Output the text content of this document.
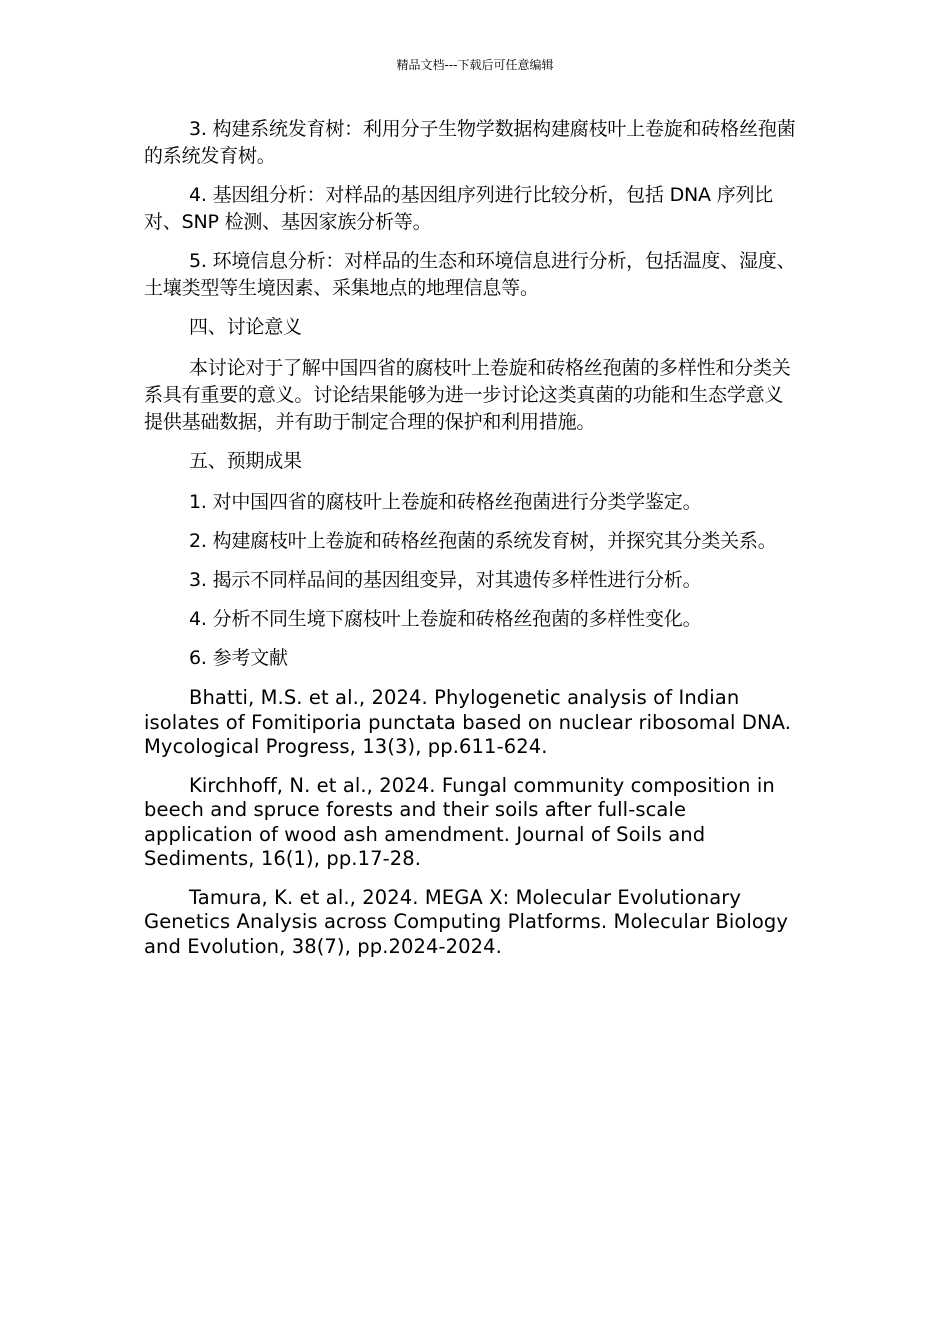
精品文档---下载后可任意编辑

3. 构建系统发育树：利用分子生物学数据构建腐枝叶上卷旋和砖格丝孢菌的系统发育树。

4. 基因组分析：对样品的基因组序列进行比较分析，包括 DNA 序列比对、SNP 检测、基因家族分析等。

5. 环境信息分析：对样品的生态和环境信息进行分析，包括温度、湿度、土壤类型等生境因素、采集地点的地理信息等。

四、讨论意义

本讨论对于了解中国四省的腐枝叶上卷旋和砖格丝孢菌的多样性和分类关系具有重要的意义。讨论结果能够为进一步讨论这类真菌的功能和生态学意义提供基础数据，并有助于制定合理的保护和利用措施。

五、预期成果

1. 对中国四省的腐枝叶上卷旋和砖格丝孢菌进行分类学鉴定。

2. 构建腐枝叶上卷旋和砖格丝孢菌的系统发育树，并探究其分类关系。

3. 揭示不同样品间的基因组变异，对其遗传多样性进行分析。

4. 分析不同生境下腐枝叶上卷旋和砖格丝孢菌的多样性变化。

6. 参考文献

Bhatti, M.S. et al., 2024. Phylogenetic analysis of Indian isolates of Fomitiporia punctata based on nuclear ribosomal DNA. Mycological Progress, 13(3), pp.611-624.

Kirchhoff, N. et al., 2024. Fungal community composition in beech and spruce forests and their soils after full-scale application of wood ash amendment. Journal of Soils and Sediments, 16(1), pp.17-28.

Tamura, K. et al., 2024. MEGA X: Molecular Evolutionary Genetics Analysis across Computing Platforms. Molecular Biology and Evolution, 38(7), pp.2024-2024.
